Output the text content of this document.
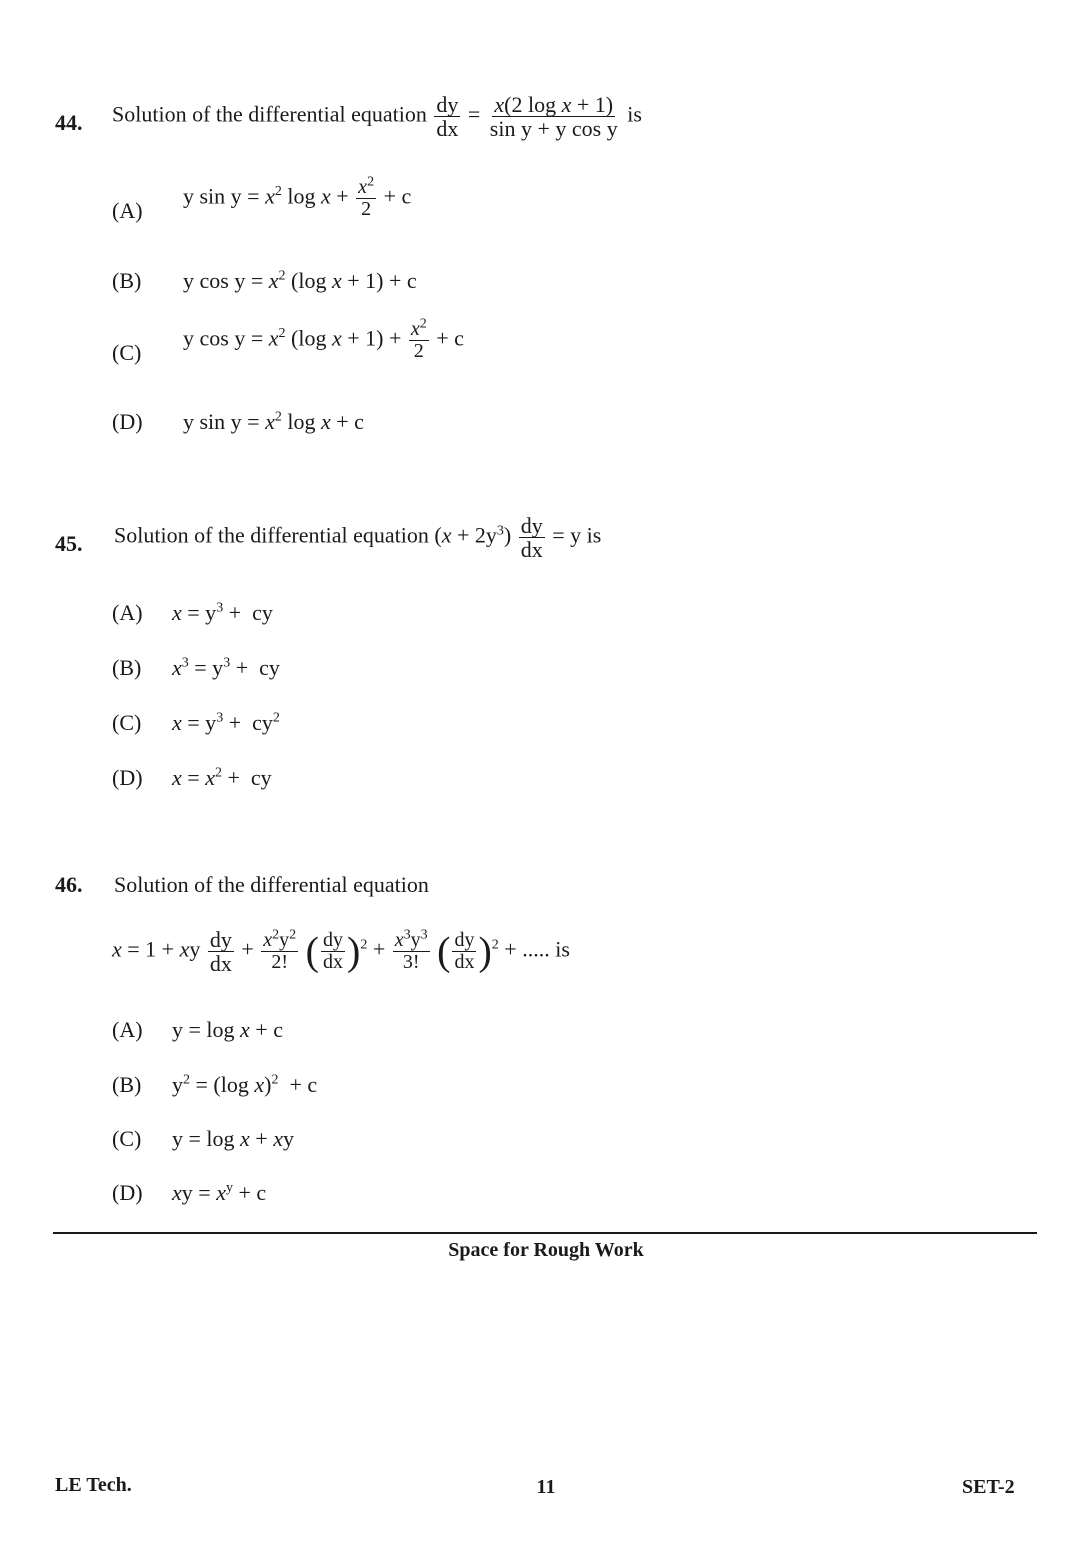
44. Solution of the differential equation $\frac{dy}{dx} = \frac{\text{x(2 log x + 1)}}{\text{sin y + y cos y}}$ is
(A)
y $\sin y = x^2$ $\log x + \frac{x^2}{2} + c$
(B) y $\cos y = x^2$ (log x + 1) + c
(C)
y $\cos y = x^2$ (log $x + 1) + \frac{x^2}{2} + c$
(D) y $\sin y = x^2$ log x + c
45. Solution of the differential equation $(x + 2y^3) \frac{dy}{dx} = y$ is
(A) $x = y^3$ +  cy
(B) $x^3 = y^3$ +  cy
(C) $x = y^3 + cy^2$
(D) $x = x^2$ +  cy
46. Solution of the differential equation
x = 1 + xy $\frac{dy}{dx} + \frac{x^2y^2}{2!}$ ( $\frac{dy}{dx} )^2 + \frac{x^3y^3}{3!}$ ( $\frac{dy}{dx} )^2$ + ..... is
(A) y = log x + c
(B) $y^2 = (\log$ x)$^2$  + c
(C) y = log x + xy
(D) xy = $x^y + c$
Space for Rough Work
LE Tech.	11	SET-2
